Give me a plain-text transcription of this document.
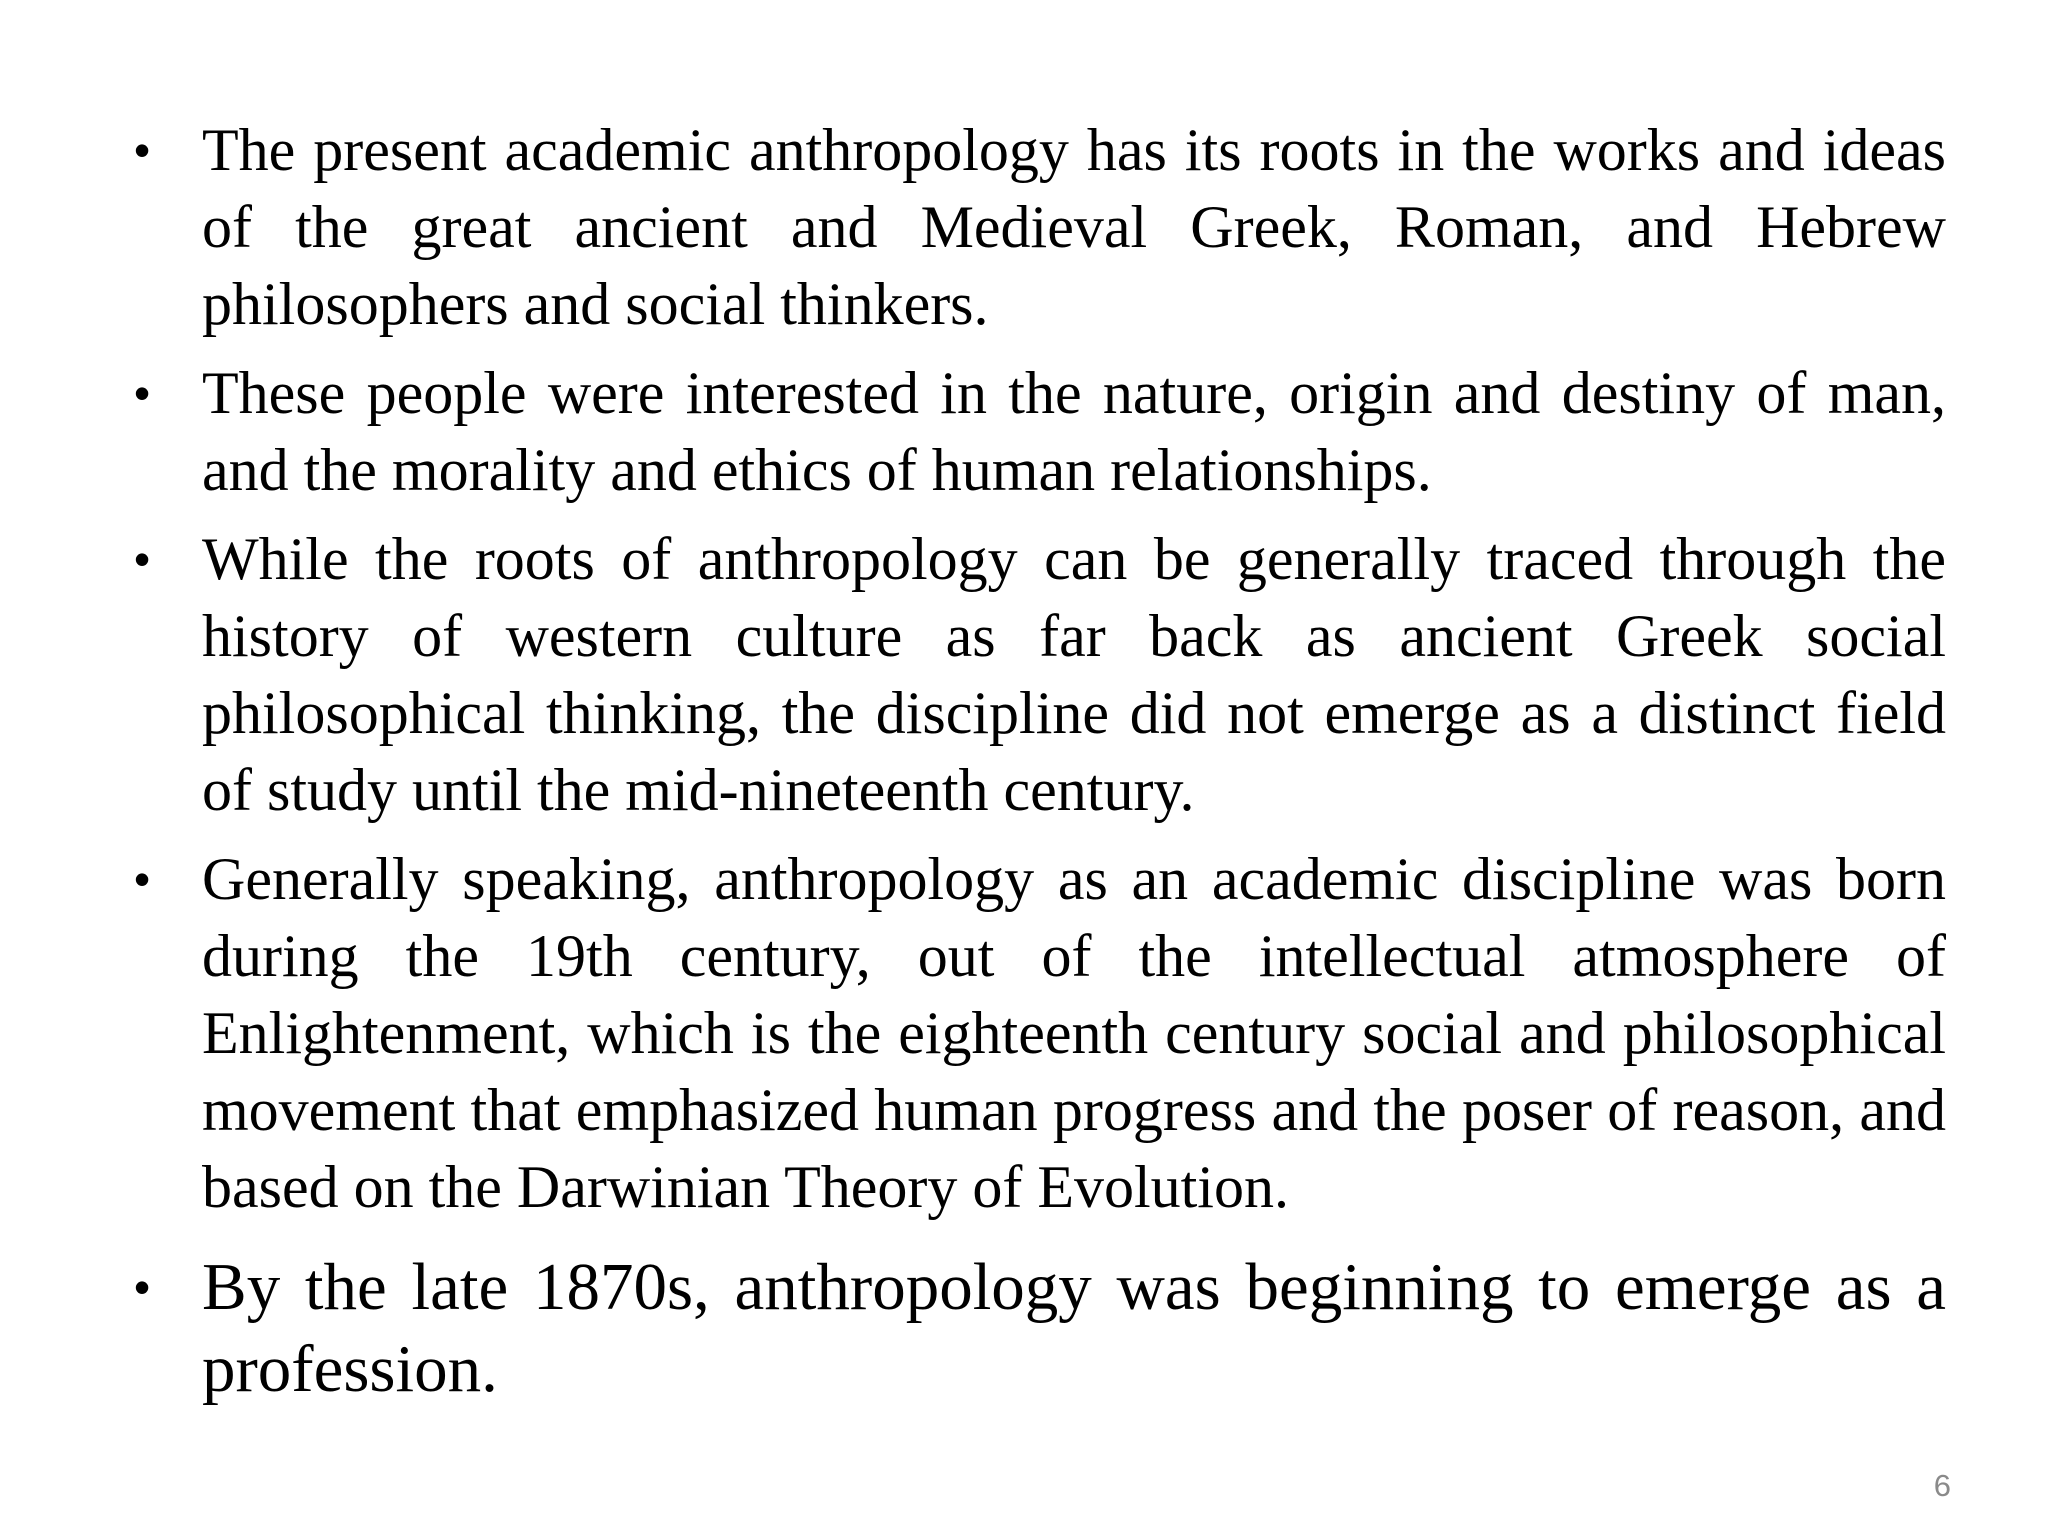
• The present academic anthropology has its roots in the works and ideas of the great ancient and Medieval Greek, Roman, and Hebrew philosophers and social thinkers.
• These people were interested in the nature, origin and destiny of man, and the morality and ethics of human relationships.
• While the roots of anthropology can be generally traced through the history of western culture as far back as ancient Greek social philosophical thinking, the discipline did not emerge as a distinct field of study until the mid-nineteenth century.
• Generally speaking, anthropology as an academic discipline was born during the 19th century, out of the intellectual atmosphere of Enlightenment, which is the eighteenth century social and philosophical movement that emphasized human progress and the poser of reason, and based on the Darwinian Theory of Evolution.
• By the late 1870s, anthropology was beginning to emerge as a profession.
6
